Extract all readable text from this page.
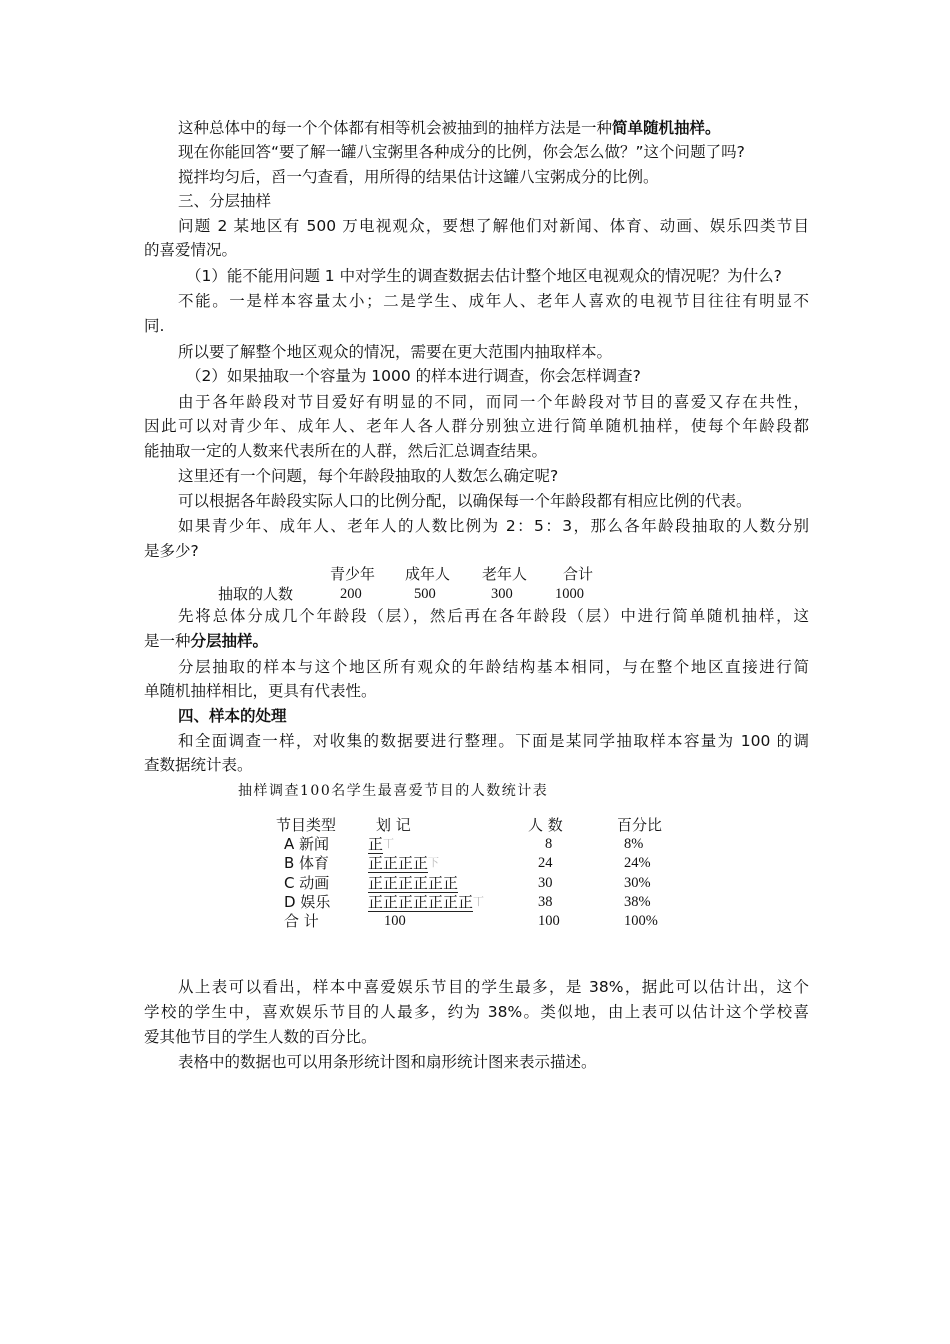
这种总体中的每一个个体都有相等机会被抽到的抽样方法是一种简单随机抽样。
现在你能回答“要了解一罐八宝粥里各种成分的比例，你会怎么做？”这个问题了吗?
搅拌均匀后，舀一勺查看，用所得的结果估计这罐八宝粥成分的比例。
三、分层抽样
问题 2 某地区有 500 万电视观众，要想了解他们对新闻、体育、动画、娱乐四类节目
的喜爱情况。
（1）能不能用问题 1 中对学生的调查数据去估计整个地区电视观众的情况呢？为什么?
不能。一是样本容量太小；二是学生、成年人、老年人喜欢的电视节目往往有明显不
同.
所以要了解整个地区观众的情况，需要在更大范围内抽取样本。
（2）如果抽取一个容量为 1000 的样本进行调查，你会怎样调查?
由于各年龄段对节目爱好有明显的不同，而同一个年龄段对节目的喜爱又存在共性，
因此可以对青少年、成年人、老年人各人群分别独立进行简单随机抽样，使每个年龄段都
能抽取一定的人数来代表所在的人群，然后汇总调查结果。
这里还有一个问题，每个年龄段抽取的人数怎么确定呢?
可以根据各年龄段实际人口的比例分配，以确保每一个年龄段都有相应比例的代表。
如果青少年、成年人、老年人的人数比例为 2：5：3，那么各年龄段抽取的人数分别
是多少?
青少年 成年人 老年人 合计
抽取的人数	200	500	300	1000
先将总体分成几个年龄段（层），然后再在各年龄段（层）中进行简单随机抽样，这
是一种分层抽样。
分层抽取的样本与这个地区所有观众的年龄结构基本相同，与在整个地区直接进行简
单随机抽样相比，更具有代表性。
四、样本的处理
和全面调查一样，对收集的数据要进行整理。下面是某同学抽取样本容量为 100 的调
查数据统计表。
抽样调查100名学生最喜爱节目的人数统计表
节目类型	划 记	人 数	百分比
A 新闻	正$^丅$	8	8%
B 体育	正正正正$^下$	24	24%
C 动画	正正正正正正	30	30%
D 娱乐	正正正正正正正$^丅$	38	38%
合 计	100	100	100%
从上表可以看出，样本中喜爱娱乐节目的学生最多，是 38%，据此可以估计出，这个
学校的学生中，喜欢娱乐节目的人最多，约为 38%。类似地，由上表可以估计这个学校喜
爱其他节目的学生人数的百分比。
表格中的数据也可以用条形统计图和扇形统计图来表示描述。
